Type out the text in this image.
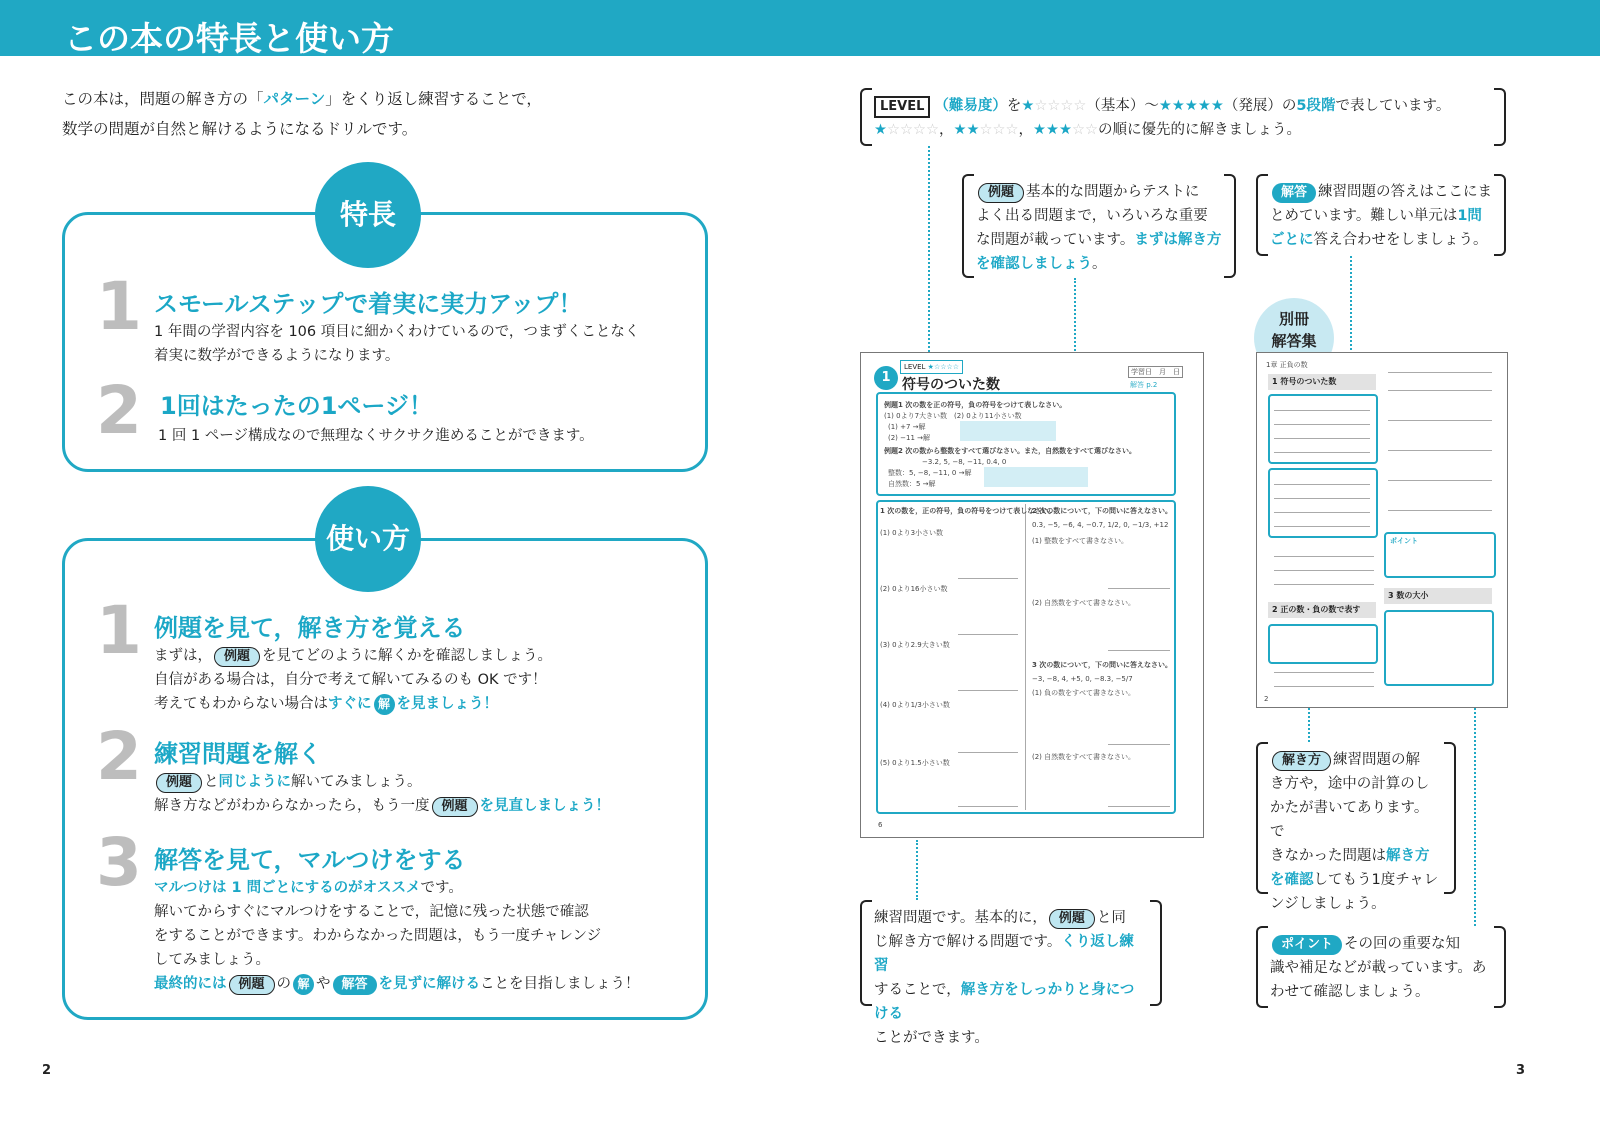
この本の特長と使い方
この本は，問題の解き方の「パターン」をくり返し練習することで，
数学の問題が自然と解けるようになるドリルです。
特長
1 スモールステップで着実に実力アップ！
1 年間の学習内容を 106 項目に細かくわけているので，つまずくことなく
着実に数学ができるようになります。
2 1回はたったの1ページ！
1 回 1 ページ構成なので無理なくサクサク進めることができます。
使い方
1 例題を見て，解き方を覚える
まずは， 例題 を見てどのように解くかを確認しましょう。
自信がある場合は，自分で考えて解いてみるのも OK です！
考えてもわからない場合はすぐに 解 を見ましょう！
2 練習問題を解く
例題 と同じように解いてみましょう。
解き方などがわからなかったら，もう一度 例題 を見直しましょう！
3 解答を見て，マルつけをする
マルつけは 1 問ごとにするのがオススメです。
解いてからすぐにマルつけをすることで，記憶に残った状態で確認
をすることができます。わからなかった問題は，もう一度チャレンジ
してみましょう。
最終的には 例題 の 解 や 解答 を見ずに解けることを目指しましょう！
LEVEL （難易度）を★☆☆☆☆（基本）～★★★★★（発展）の5段階で表しています。
★☆☆☆☆，★★☆☆☆，★★★☆☆の順に優先的に解きましょう。
例題 基本的な問題からテストに
よく出る問題まで，いろいろな重要
な問題が載っています。まずは解き方
を確認しましょう。
解答 練習問題の答えはここにま
とめています。難しい単元は1問
ごとに答え合わせをしましょう。
別冊
解答集
練習問題です。基本的に， 例題 と同
じ解き方で解ける問題です。くり返し練習
することで，解き方をしっかりと身につける
ことができます。
解き方 練習問題の解
き方や，途中の計算のし
かたが書いてあります。で
きなかった問題は解き方
を確認してもう1度チャレ
ンジしましょう。
ポイント その回の重要な知
識や補足などが載っています。あ
わせて確認しましょう。
1
LEVEL ★☆☆☆☆
符号のついた数
学習日　月　日
解答 p.2
例題1 次の数を正の符号，負の符号をつけて表しなさい。
(1) 0より7大きい数　(2) 0より11小さい数
(1) +7 →解
(2) −11 →解
例題2 次の数から整数をすべて選びなさい。また，自然数をすべて選びなさい。
−3.2, 5, −8, −11, 0.4, 0
整数：5, −8, −11, 0 →解
自然数：5 →解
1 次の数を，正の符号，負の符号をつけて表しなさい。
(1) 0より3小さい数
(2) 0より16小さい数
(3) 0より2.9大きい数
(4) 0より1/3小さい数
(5) 0より1.5小さい数
2 次の数について，下の問いに答えなさい。
0.3, −5, −6, 4, −0.7, 1/2, 0, −1/3, +12
(1) 整数をすべて書きなさい。
(2) 自然数をすべて書きなさい。
3 次の数について，下の問いに答えなさい。
−3, −8, 4, +5, 0, −8.3, −5/7
(1) 負の数をすべて書きなさい。
(2) 自然数をすべて書きなさい。
6
1章 正負の数
1 符号のついた数
ポイント
2 正の数・負の数で表す
3 数の大小
2
2	3
